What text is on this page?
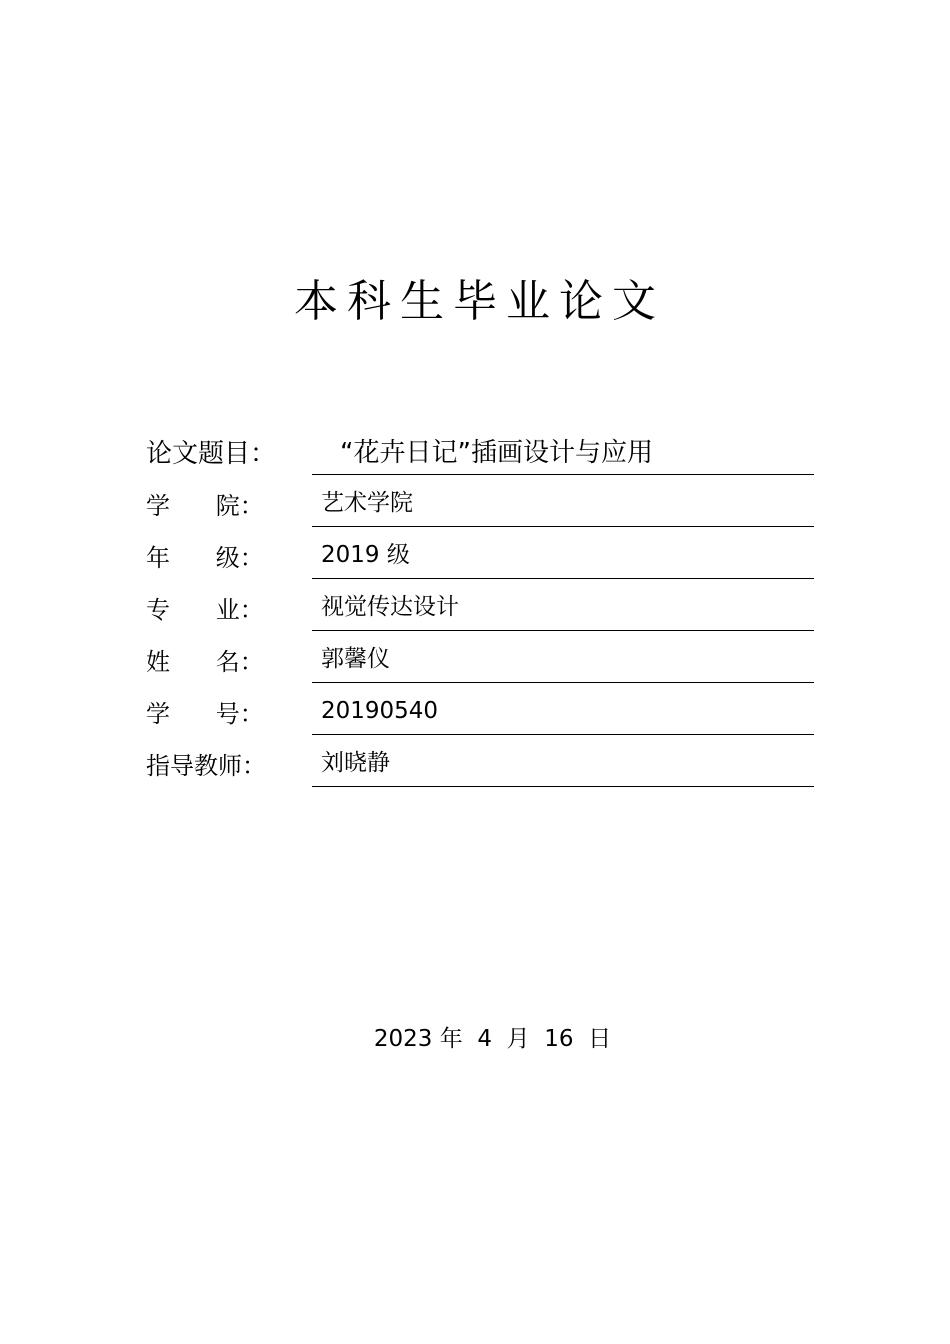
本科生毕业论文
论文题目：	“花卉日记”插画设计与应用
学      院：	艺术学院
年      级：	2019 级
专      业：	视觉传达设计
姓      名：	郭馨仪
学      号：	20190540
指导教师：	刘晓静
2023 年  4  月  16  日
